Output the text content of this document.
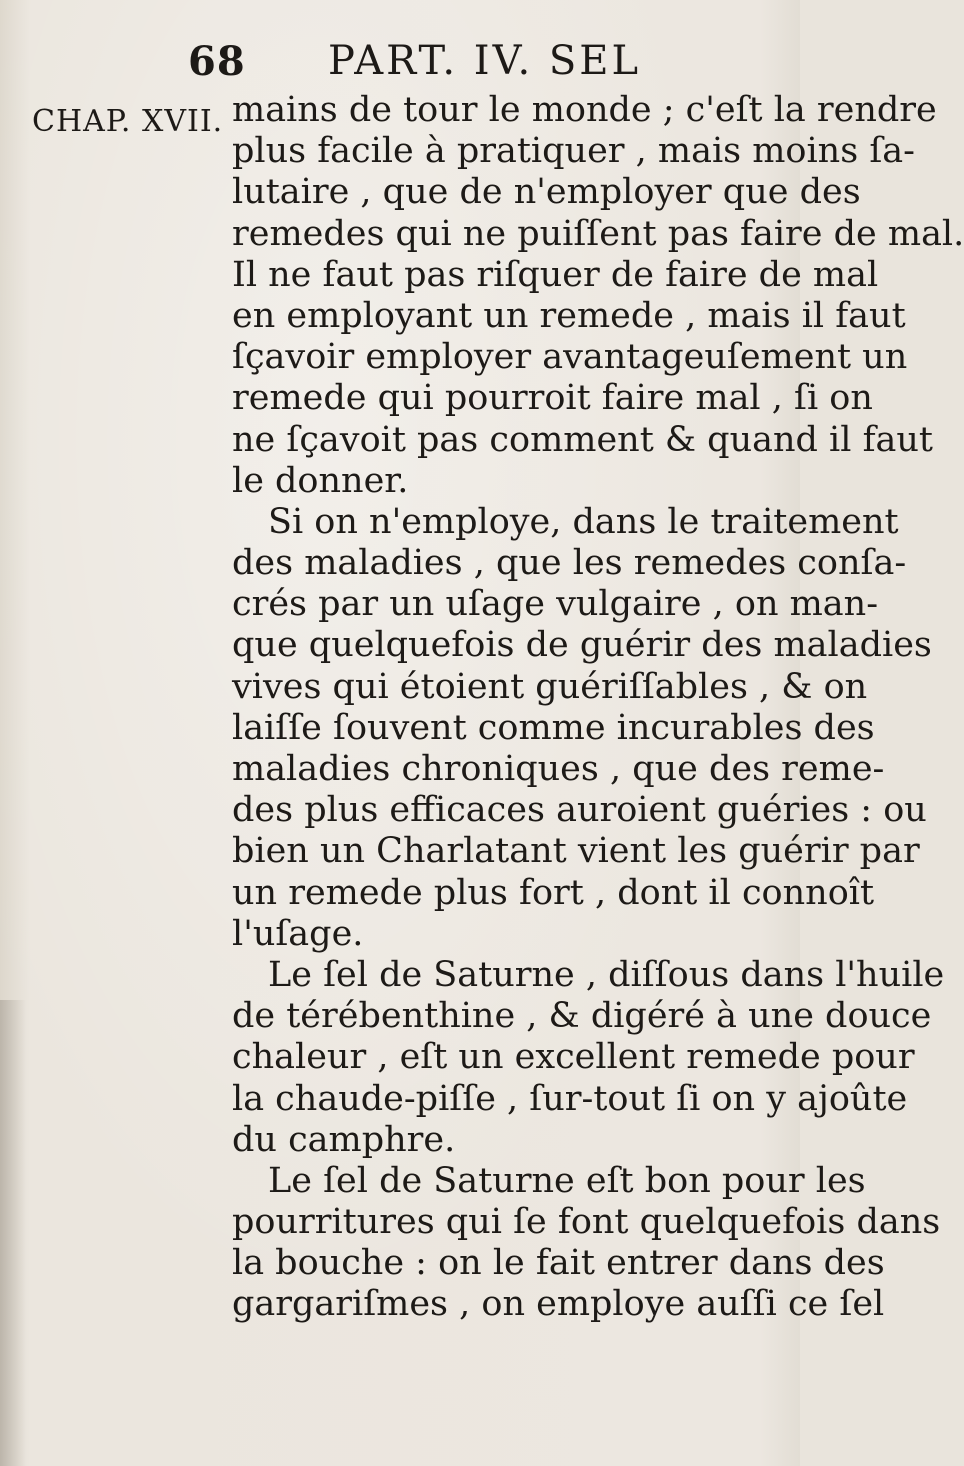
68 PART. IV. SEL
CHAP. XVII. mains de tour le monde ; c'eſt la rendre
plus facile à pratiquer , mais moins ſa-
lutaire , que de n'employer que des
remedes qui ne puiſſent pas faire de mal.
Il ne faut pas riſquer de faire de mal
en employant un remede , mais il faut
ſçavoir employer avantageuſement un
remede qui pourroit faire mal , ſi on
ne ſçavoit pas comment & quand il faut
le donner.
Si on n'employe, dans le traitement
des maladies , que les remedes conſa-
crés par un uſage vulgaire , on man-
que quelquefois de guérir des maladies
vives qui étoient guériſſables , & on
laiſſe ſouvent comme incurables des
maladies chroniques , que des reme-
des plus efficaces auroient guéries : ou
bien un Charlatant vient les guérir par
un remede plus fort , dont il connoît
l'uſage.
Le ſel de Saturne , diſſous dans l'huile
de térébenthine , & digéré à une douce
chaleur , eſt un excellent remede pour
la chaude-piſſe , ſur-tout ſi on y ajoûte
du camphre.
Le ſel de Saturne eſt bon pour les
pourritures qui ſe font quelquefois dans
la bouche : on le fait entrer dans des
gargariſmes , on employe auſſi ce ſel
